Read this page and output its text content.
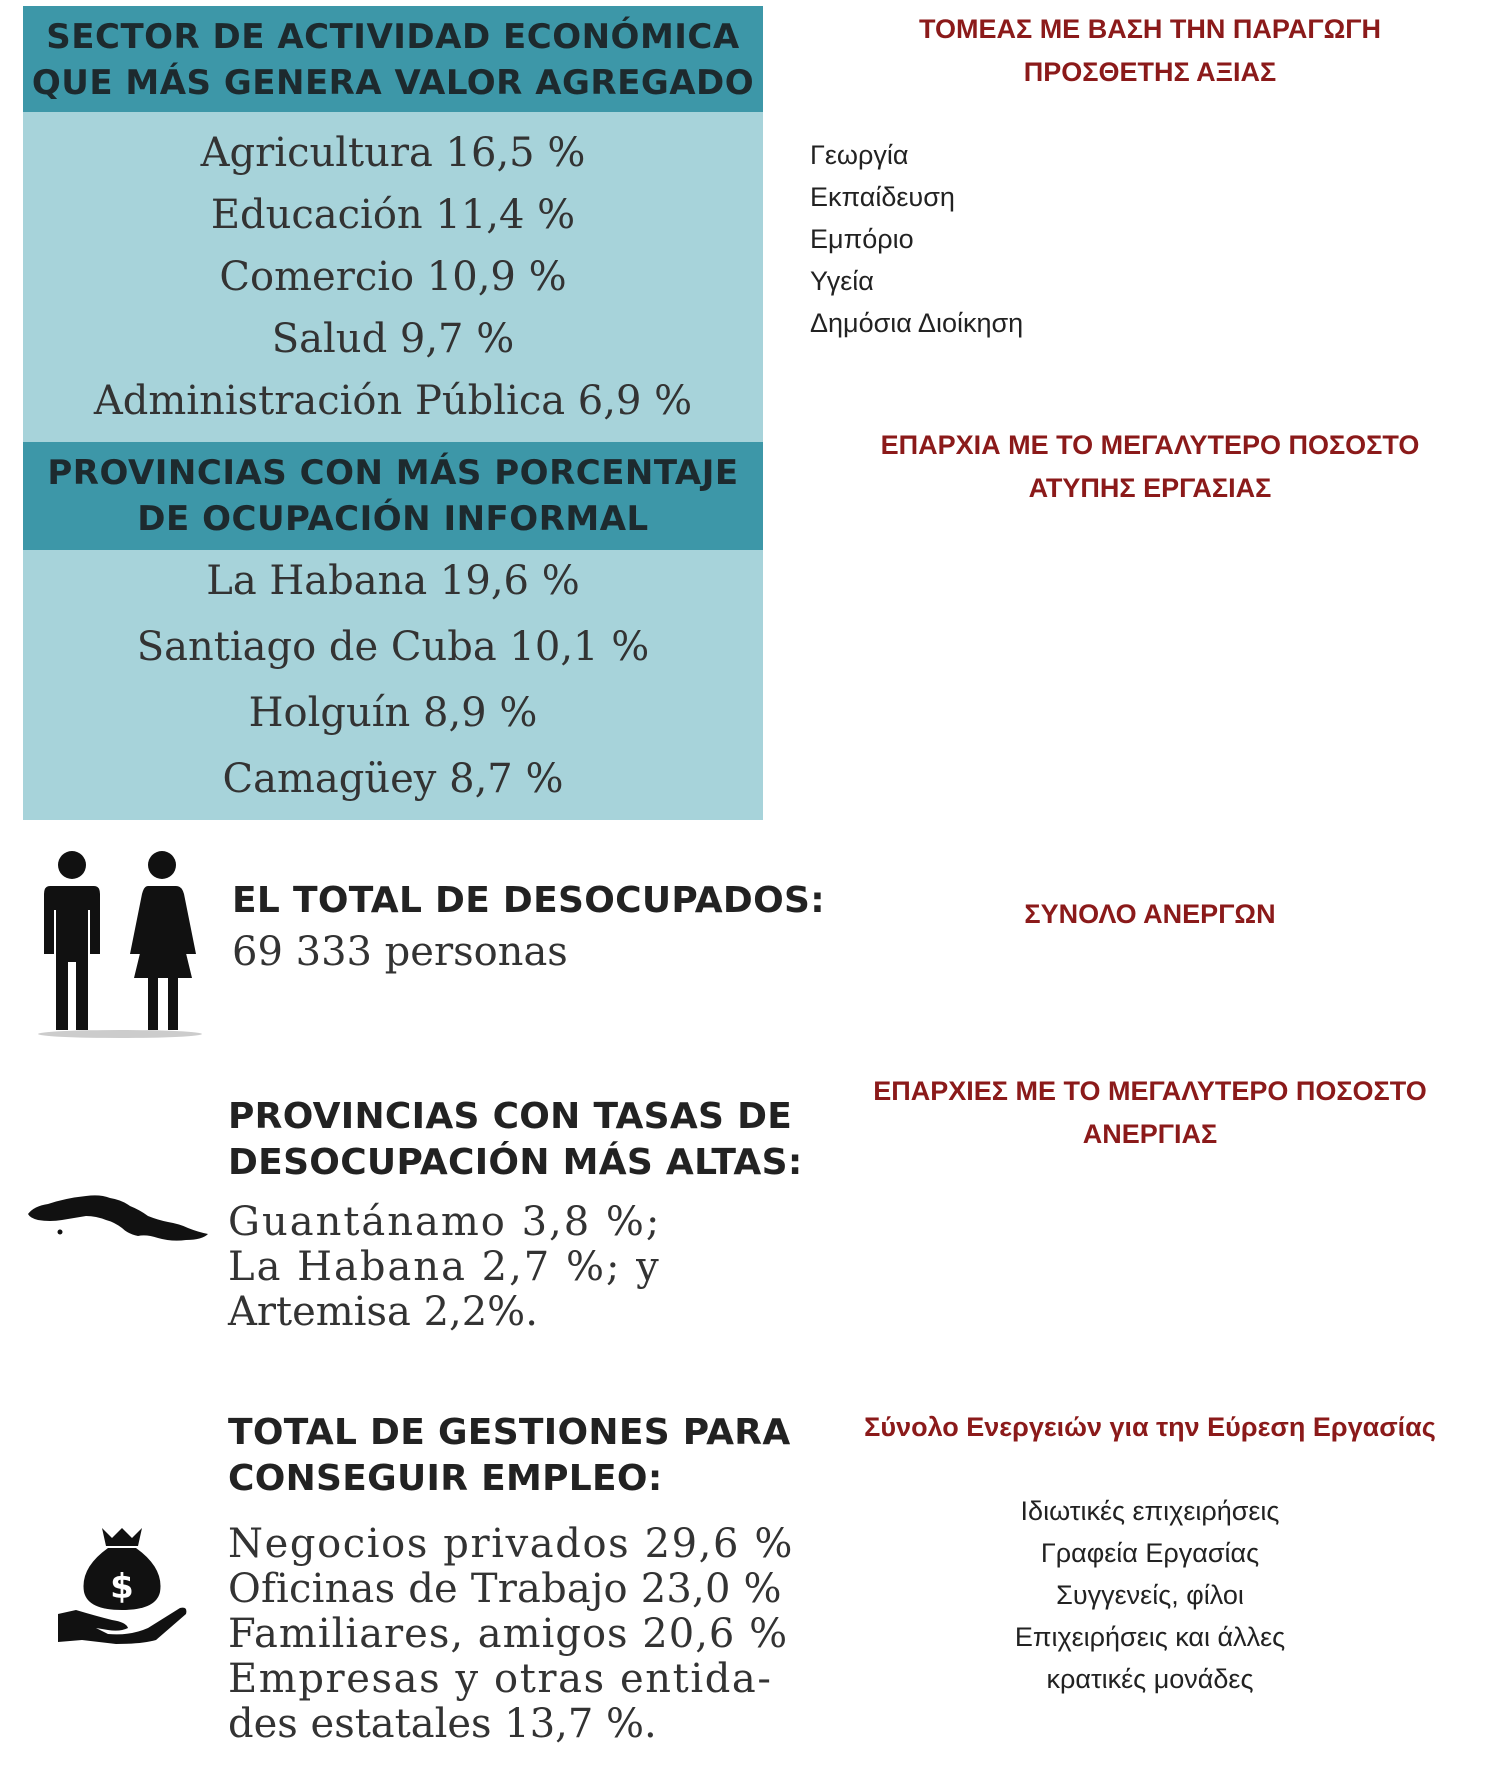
SECTOR DE ACTIVIDAD ECONÓMICA
QUE MÁS GENERA VALOR AGREGADO
Agricultura 16,5 %
Educación 11,4 %
Comercio 10,9 %
Salud 9,7 %
Administración Pública 6,9 %
PROVINCIAS CON MÁS PORCENTAJE
DE OCUPACIÓN INFORMAL
La Habana 19,6 %
Santiago de Cuba 10,1 %
Holguín 8,9 %
Camagüey 8,7 %
EL TOTAL DE DESOCUPADOS:
69 333 personas
PROVINCIAS CON TASAS DE
DESOCUPACIÓN MÁS ALTAS:
Guantánamo 3,8 %;
La Habana 2,7 %; y
Artemisa 2,2%.
TOTAL DE GESTIONES PARA
CONSEGUIR EMPLEO:
$
Negocios privados 29,6 %
Oficinas de Trabajo 23,0 %
Familiares, amigos 20,6 %
Empresas y otras entida-
des estatales 13,7 %.
ΤΟΜΕΑΣ ΜΕ ΒΑΣΗ ΤΗΝ ΠΑΡΑΓΩΓΗ
ΠΡΟΣΘΕΤΗΣ ΑΞΙΑΣ
Γεωργία
Εκπαίδευση
Εμπόριο
Υγεία
Δημόσια Διοίκηση
ΕΠΑΡΧΙΑ ΜΕ ΤΟ ΜΕΓΑΛΥΤΕΡΟ ΠΟΣΟΣΤΟ
ΑΤΥΠΗΣ ΕΡΓΑΣΙΑΣ
ΣΥΝΟΛΟ ΑΝΕΡΓΩΝ
ΕΠΑΡΧΙΕΣ ΜΕ ΤΟ ΜΕΓΑΛΥΤΕΡΟ ΠΟΣΟΣΤΟ
ΑΝΕΡΓΙΑΣ
Σύνολο Ενεργειών για την Εύρεση Εργασίας
Ιδιωτικές επιχειρήσεις
Γραφεία Εργασίας
Συγγενείς, φίλοι
Επιχειρήσεις και άλλες
κρατικές μονάδες
